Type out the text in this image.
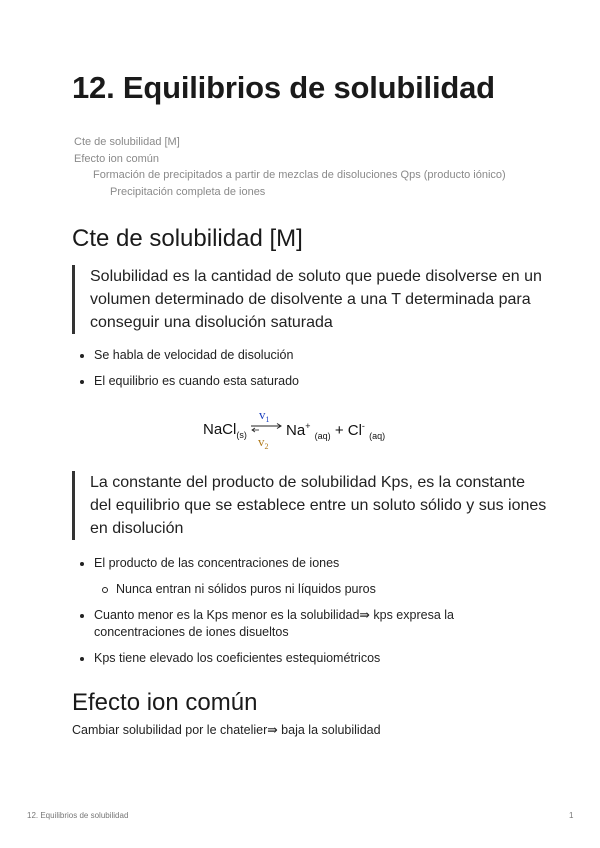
12. Equilibrios de solubilidad
Cte de solubilidad [M]
Efecto ion común
Formación de precipitados a partir de mezclas de disoluciones Qps (producto iónico)
Precipitación completa de iones
Cte de solubilidad [M]
Solubilidad es la cantidad de soluto que puede disolverse en un volumen determinado de disolvente a una T determinada para conseguir una disolución saturada
Se habla de velocidad de disolución
El equilibrio es cuando esta saturado
$v_1$
NaCl$_{(s)}$ $v_2$
Na+ $_{(aq)}$ + Cl- $_{(aq)}$
La constante del producto de solubilidad Kps, es la constante del equilibrio que se establece entre un soluto sólido y sus iones en disolución
El producto de las concentraciones de iones
Nunca entran ni sólidos puros ni líquidos puros
Cuanto menor es la Kps menor es la solubilidad⇛ kps expresa la concentraciones de iones disueltos
Kps tiene elevado los coeficientes estequiométricos
Efecto ion común

Cambiar solubilidad por le chatelier⇛ baja la solubilidad

12. Equilibrios de solubilidad	1
